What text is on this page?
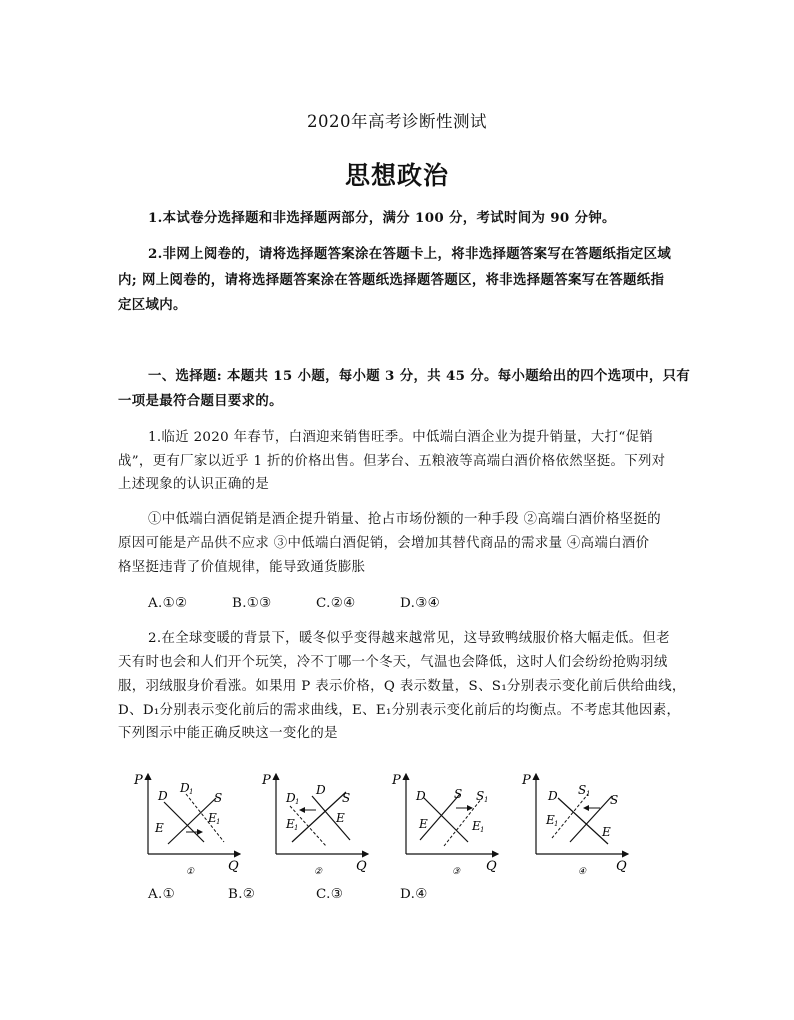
2020年高考诊断性测试
思想政治
1.本试卷分选择题和非选择题两部分，满分 100 分，考试时间为 90 分钟。
2.非网上阅卷的，请将选择题答案涂在答题卡上，将非选择题答案写在答题纸指定区域
内; 网上阅卷的，请将选择题答案涂在答题纸选择题答题区，将非选择题答案写在答题纸指
定区域内。
一、选择题: 本题共 15 小题，每小题 3 分，共 45 分。每小题给出的四个选项中，只有
一项是最符合题目要求的。
1.临近 2020 年春节，白酒迎来销售旺季。中低端白酒企业为提升销量，大打“促销
战”，更有厂家以近乎 1 折的价格出售。但茅台、五粮液等高端白酒价格依然坚挺。下列对
上述现象的认识正确的是
①中低端白酒促销是酒企提升销量、抢占市场份额的一种手段 ②高端白酒价格坚挺的
原因可能是产品供不应求 ③中低端白酒促销，会增加其替代商品的需求量 ④高端白酒价
格坚挺违背了价值规律，能导致通货膨胀
A.①②	B.①③	C.②④	D.③④
2.在全球变暖的背景下，暖冬似乎变得越来越常见，这导致鸭绒服价格大幅走低。但老
天有时也会和人们开个玩笑，冷不丁哪一个冬天，气温也会降低，这时人们会纷纷抢购羽绒
服，羽绒服身价看涨。如果用 P 表示价格，Q 表示数量，S、S₁分别表示变化前后供给曲线，
D、D₁分别表示变化前后的需求曲线，E、E₁分别表示变化前后的均衡点。不考虑其他因素，
下列图示中能正确反映这一变化的是
P
Q
D
D 1 S
E
E 1
①
P
Q
D
D 1	S
E
E 1
②
P
Q
D S S 1
E	E 1
③
P
Q
D	S
S 1
E
E 1
④
A.①	B.②	C.③	D.④
